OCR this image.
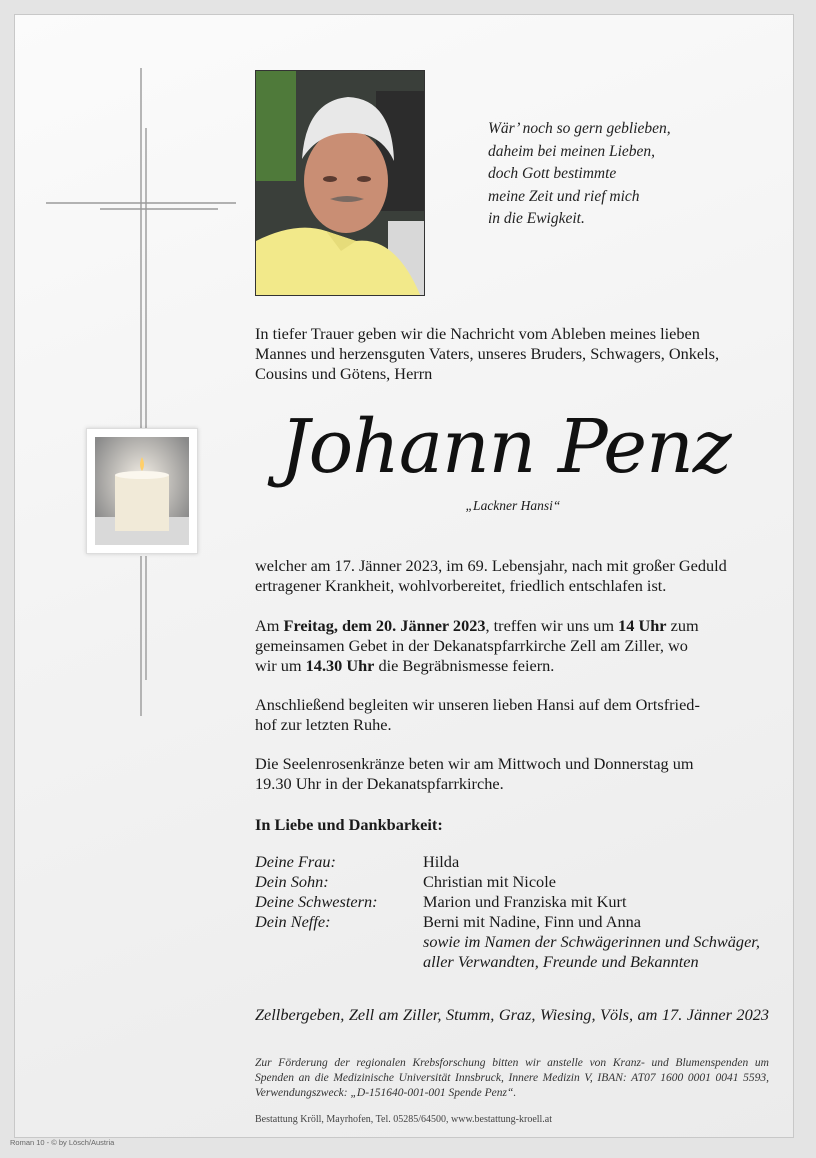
Wär’ noch so gern geblieben,
daheim bei meinen Lieben,
doch Gott bestimmte
meine Zeit und rief mich
in die Ewigkeit.
In tiefer Trauer geben wir die Nachricht vom Ableben meines lieben
Mannes und herzensguten Vaters, unseres Bruders, Schwagers, Onkels,
Cousins und Götens, Herrn
Johann Penz
„Lackner Hansi“
welcher am 17. Jänner 2023, im 69. Lebensjahr, nach mit großer Geduld
ertragener Krankheit, wohlvorbereitet, friedlich entschlafen ist.
Am Freitag, dem 20. Jänner 2023, treffen wir uns um 14 Uhr zum
gemeinsamen Gebet in der Dekanatspfarrkirche Zell am Ziller, wo
wir um 14.30 Uhr die Begräbnismesse feiern.
Anschließend begleiten wir unseren lieben Hansi auf dem Ortsfried-
hof zur letzten Ruhe.
Die Seelenrosenkränze beten wir am Mittwoch und Donnerstag um
19.30 Uhr in der Dekanatspfarrkirche.
In Liebe und Dankbarkeit:
Deine Frau:	Hilda
Dein Sohn:	Christian mit Nicole
Deine Schwestern:	Marion und Franziska mit Kurt
Dein Neffe:	Berni mit Nadine, Finn und Anna
sowie im Namen der Schwägerinnen und Schwäger,
aller Verwandten, Freunde und Bekannten
Zellbergeben, Zell am Ziller, Stumm, Graz, Wiesing, Völs, am 17. Jänner 2023
Zur Förderung der regionalen Krebsforschung bitten wir anstelle von Kranz- und Blumenspenden um
Spenden an die Medizinische Universität Innsbruck, Innere Medizin V, IBAN: AT07 1600 0001 0041 5593,
Verwendungszweck: „D-151640-001-001 Spende Penz“.
Bestattung Kröll, Mayrhofen, Tel. 05285/64500, www.bestattung-kroell.at
Roman 10 - © by Lösch/Austria
